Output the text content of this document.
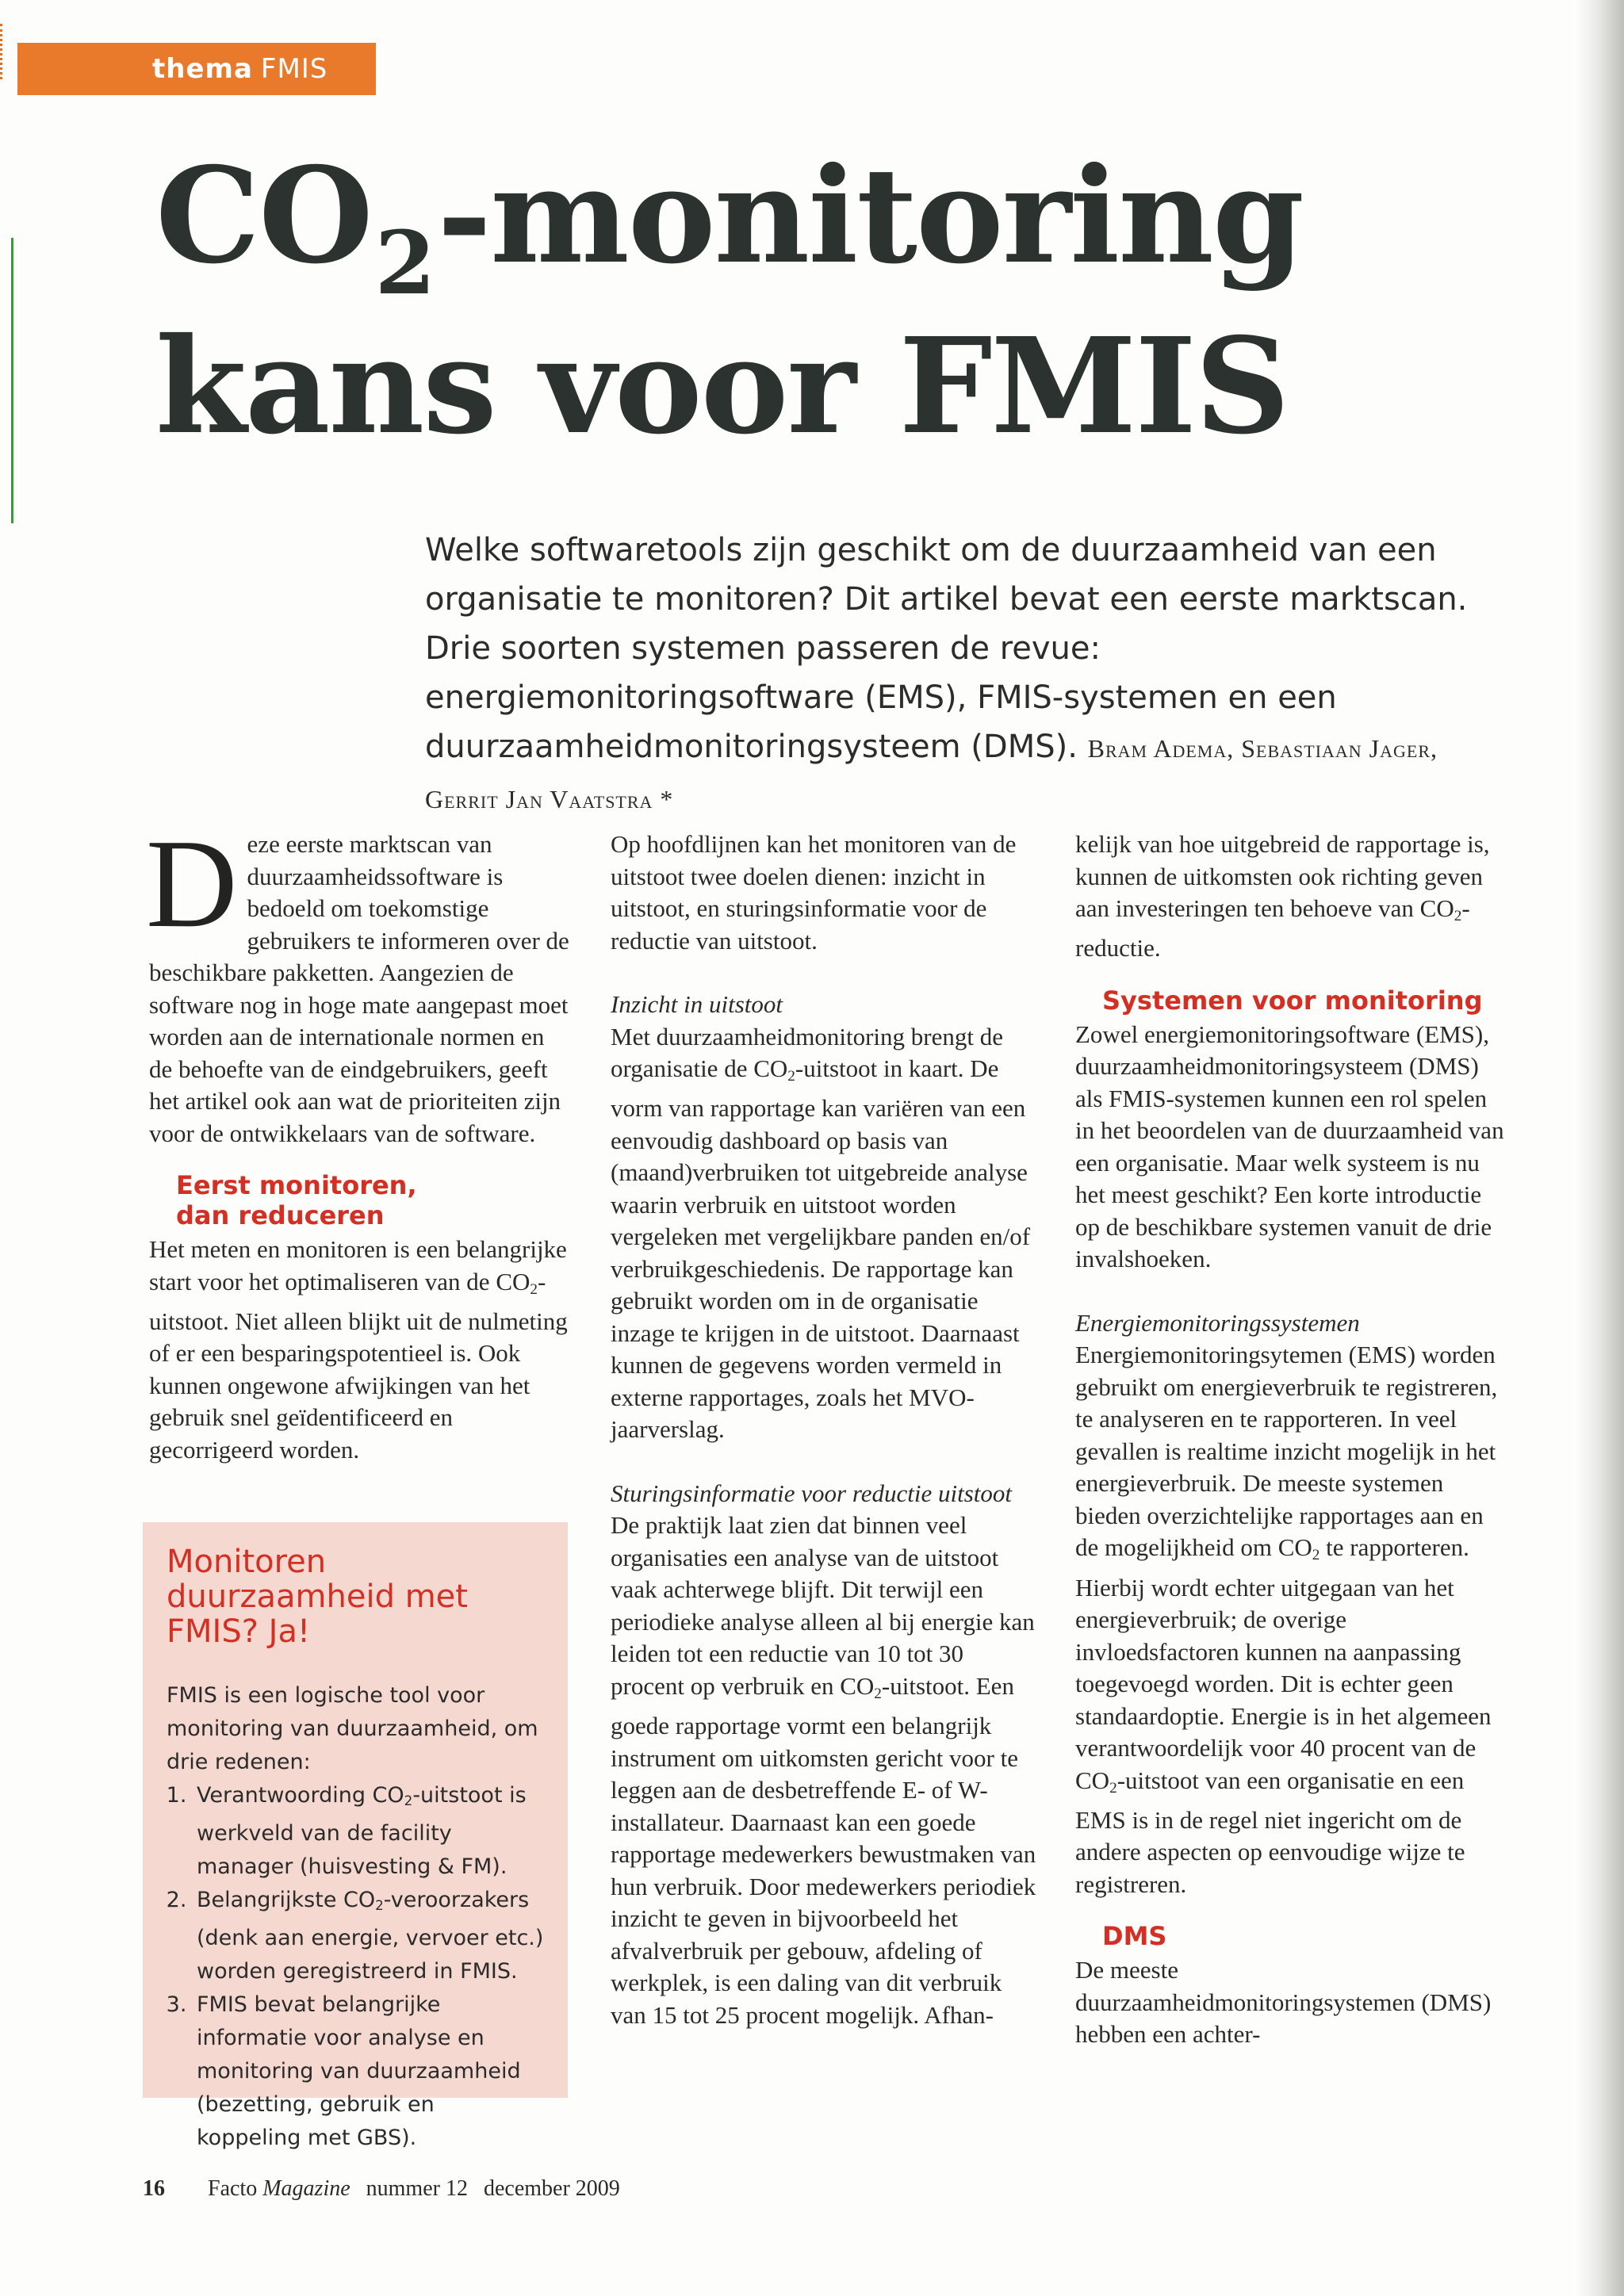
thema FMIS
$CO_2$-monitoring
kans voor FMIS

Welke softwaretools zijn geschikt om de duurzaamheid van een organisatie te monitoren? Dit artikel bevat een eerste marktscan. Drie soorten systemen passeren de revue: energiemonitoringsoftware (EMS), FMIS-systemen en een duurzaamheidmonitoringsysteem (DMS). Bram Adema, Sebastiaan Jager, Gerrit Jan Vaatstra *

Deze eerste marktscan van duurzaamheidssoftware is bedoeld om toekomstige gebruikers te informeren over de beschikbare pakketten. Aangezien de software nog in hoge mate aangepast moet worden aan de internationale normen en de behoefte van de eindgebruikers, geeft het artikel ook aan wat de prioriteiten zijn voor de ontwikkelaars van de software.

Eerst monitoren,
dan reduceren

Het meten en monitoren is een belangrijke start voor het optimaliseren van de $CO_2$-uitstoot. Niet alleen blijkt uit de nulmeting of er een besparingspotentieel is. Ook kunnen ongewone afwijkingen van het gebruik snel geïdentificeerd en gecorrigeerd worden.

Monitoren duurzaamheid met FMIS? Ja!

FMIS is een logische tool voor monitoring van duurzaamheid, om drie redenen:

1. Verantwoording $CO_2$-uitstoot is werkveld van de facility manager (huisvesting & FM).
2. Belangrijkste $CO_2$-veroorzakers (denk aan energie, vervoer etc.) worden geregistreerd in FMIS.
3. FMIS bevat belangrijke informatie voor analyse en monitoring van duurzaamheid (bezetting, gebruik en koppeling met GBS).

Op hoofdlijnen kan het monitoren van de uitstoot twee doelen dienen: inzicht in uitstoot, en sturingsinformatie voor de reductie van uitstoot.

Inzicht in uitstoot
Met duurzaamheidmonitoring brengt de organisatie de $CO_2$-uitstoot in kaart. De vorm van rapportage kan variëren van een eenvoudig dashboard op basis van (maand)verbruiken tot uitgebreide analyse waarin verbruik en uitstoot worden vergeleken met vergelijkbare panden en/of verbruikgeschiedenis. De rapportage kan gebruikt worden om in de organisatie inzage te krijgen in de uitstoot. Daarnaast kunnen de gegevens worden vermeld in externe rapportages, zoals het MVO-jaarverslag.

Sturingsinformatie voor reductie uitstoot
De praktijk laat zien dat binnen veel organisaties een analyse van de uitstoot vaak achterwege blijft. Dit terwijl een periodieke analyse alleen al bij energie kan leiden tot een reductie van 10 tot 30 procent op verbruik en $CO_2$-uitstoot. Een goede rapportage vormt een belangrijk instrument om uitkomsten gericht voor te leggen aan de desbetreffende E- of W-installateur. Daarnaast kan een goede rapportage medewerkers bewustmaken van hun verbruik. Door medewerkers periodiek inzicht te geven in bijvoorbeeld het afvalverbruik per gebouw, afdeling of werkplek, is een daling van dit verbruik van 15 tot 25 procent mogelijk. Afhan-

kelijk van hoe uitgebreid de rapportage is, kunnen de uitkomsten ook richting geven aan investeringen ten behoeve van $CO_2$-reductie.

Systemen voor monitoring

Zowel energiemonitoringsoftware (EMS), duurzaamheidmonitoringsysteem (DMS) als FMIS-systemen kunnen een rol spelen in het beoordelen van de duurzaamheid van een organisatie. Maar welk systeem is nu het meest geschikt? Een korte introductie op de beschikbare systemen vanuit de drie invalshoeken.

Energiemonitoringssystemen
Energiemonitoringsytemen (EMS) worden gebruikt om energieverbruik te registreren, te analyseren en te rapporteren. In veel gevallen is realtime inzicht mogelijk in het energieverbruik. De meeste systemen bieden overzichtelijke rapportages aan en de mogelijkheid om $CO_2$ te rapporteren. Hierbij wordt echter uitgegaan van het energieverbruik; de overige invloedsfactoren kunnen na aanpassing toegevoegd worden. Dit is echter geen standaardoptie. Energie is in het algemeen verantwoordelijk voor 40 procent van de $CO_2$-uitstoot van een organisatie en een EMS is in de regel niet ingericht om de andere aspecten op eenvoudige wijze te registreren.

DMS

De meeste duurzaamheidmonitoringsystemen (DMS) hebben een achter-

16 Facto Magazine nummer 12 december 2009
